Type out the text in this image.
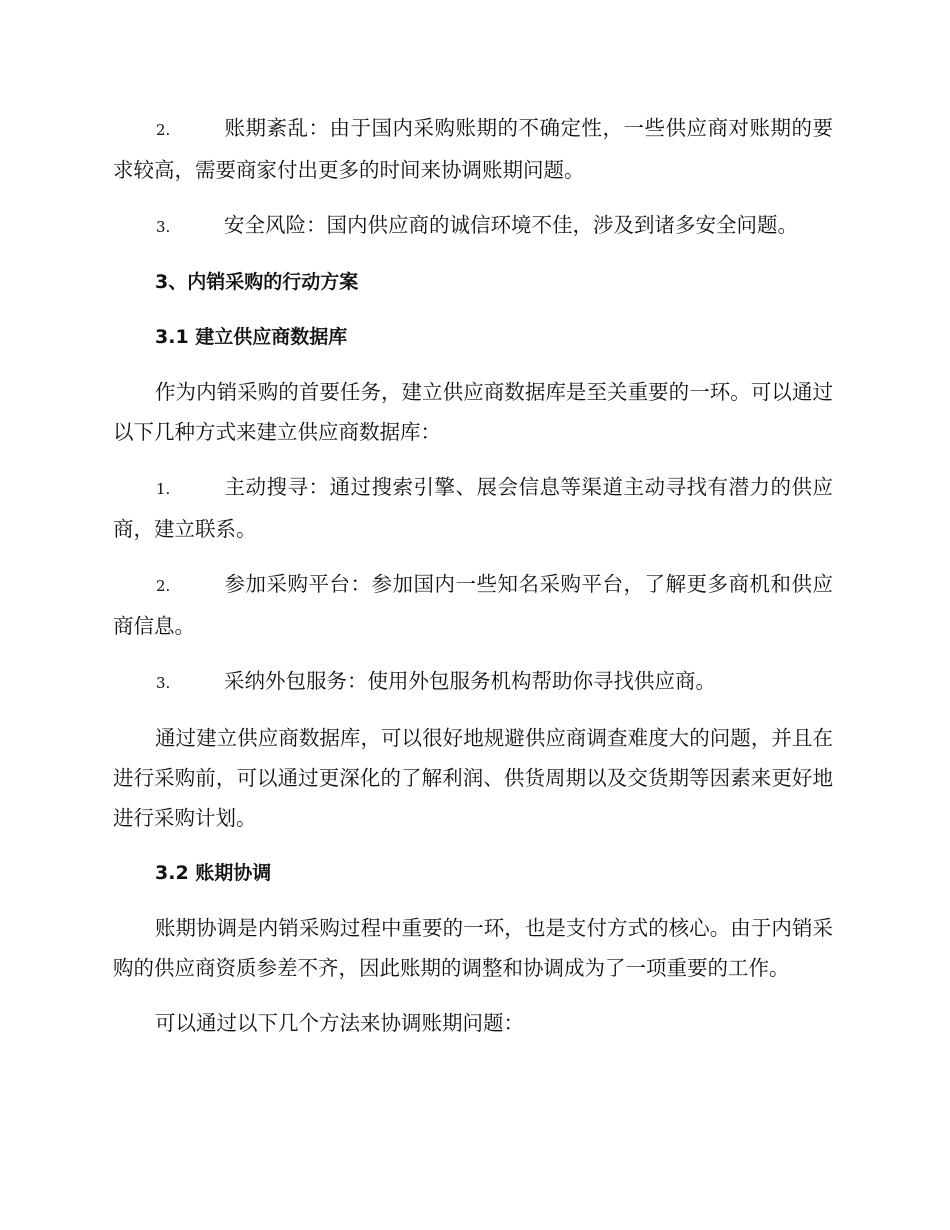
2.	账期紊乱：由于国内采购账期的不确定性，一些供应商对账期的要求较高，需要商家付出更多的时间来协调账期问题。

3.	安全风险：国内供应商的诚信环境不佳，涉及到诸多安全问题。

3、内销采购的行动方案
3.1 建立供应商数据库

作为内销采购的首要任务，建立供应商数据库是至关重要的一环。可以通过以下几种方式来建立供应商数据库：

1.	主动搜寻：通过搜索引擎、展会信息等渠道主动寻找有潜力的供应商，建立联系。

2.	参加采购平台：参加国内一些知名采购平台，了解更多商机和供应商信息。

3.	采纳外包服务：使用外包服务机构帮助你寻找供应商。

通过建立供应商数据库，可以很好地规避供应商调查难度大的问题，并且在进行采购前，可以通过更深化的了解利润、供货周期以及交货期等因素来更好地进行采购计划。

3.2 账期协调

账期协调是内销采购过程中重要的一环，也是支付方式的核心。由于内销采购的供应商资质参差不齐，因此账期的调整和协调成为了一项重要的工作。

可以通过以下几个方法来协调账期问题：
